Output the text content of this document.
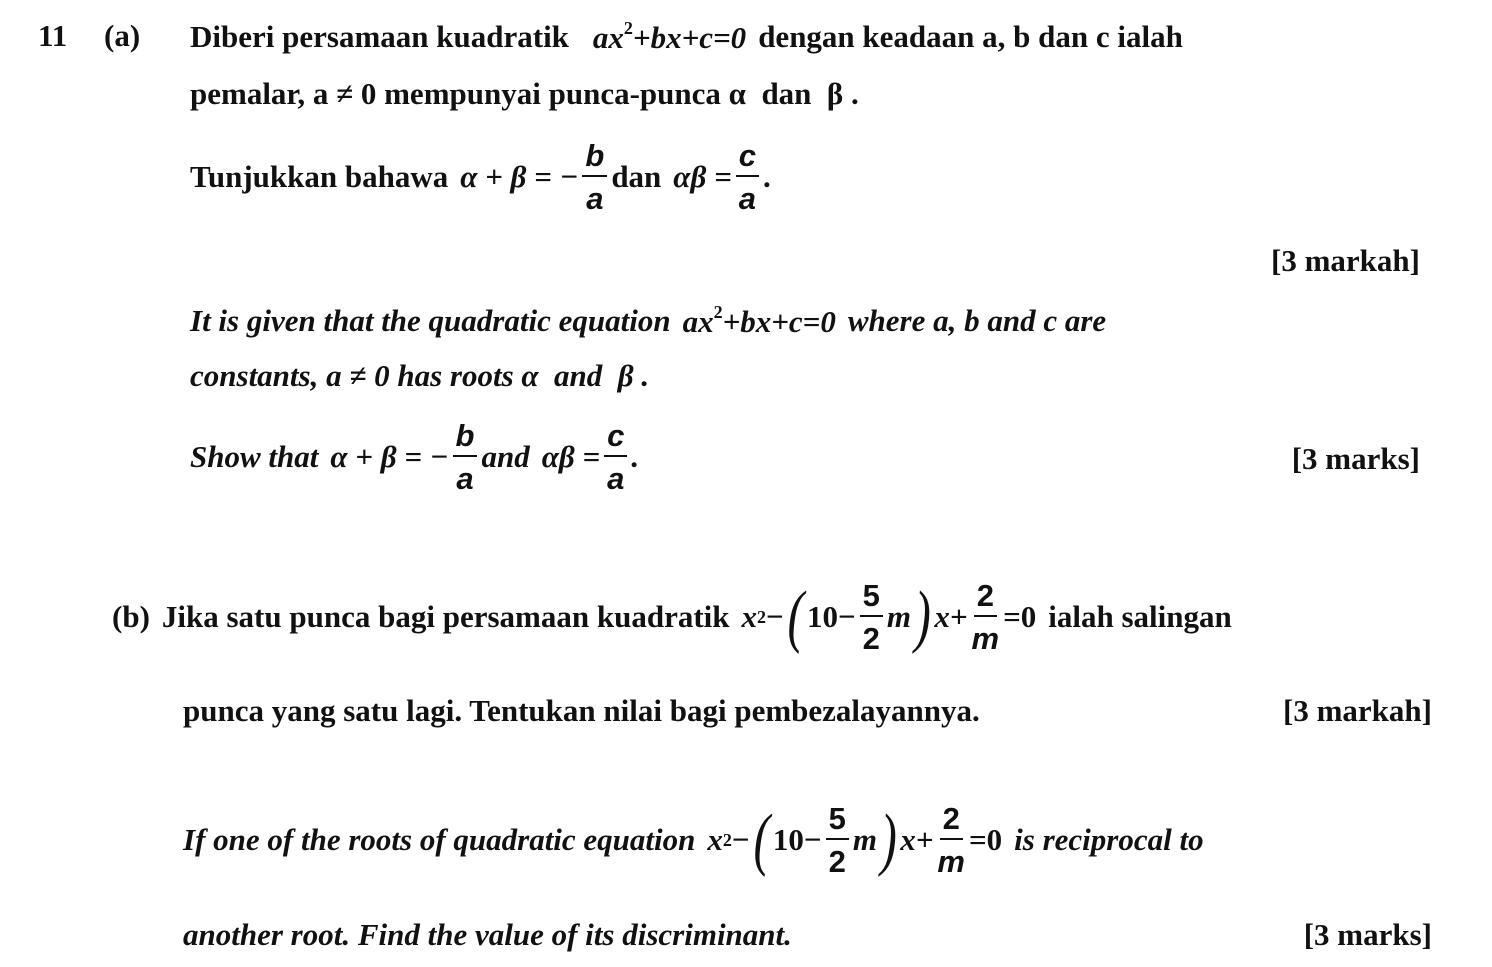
11 (a) Diberi persamaan kuadratik $ax^2+bx+c=0$ dengan keadaan a, b dan c ialah
pemalar, a ≠ 0 mempunyai punca-punca α  dan  β .
Tunjukkan bahawa α + β = − $\frac{b}{a}$ dan $\alpha\beta = \frac{c}{a}$ .
[3 markah]
It is given that the quadratic equation $ax^2+bx+c=0$ where a, b and c are
constants, a ≠ 0 has roots α  and  β .
Show that α + β = − $\frac{b}{a}$ and $\alpha\beta = \frac{c}{a}$ .	[3 marks]
(b) Jika satu punca bagi persamaan kuadratik x 2 − ( $10- \frac{5}{2}$ m ) $x+ \frac{2}{m} =0$ ialah salingan
punca yang satu lagi. Tentukan nilai bagi pembezalayannya.	[3 markah]
If one of the roots of quadratic equation x 2 − ( $10- \frac{5}{2}$ m ) $x+ \frac{2}{m} =0$ is reciprocal to
another root. Find the value of its discriminant.	[3 marks]
